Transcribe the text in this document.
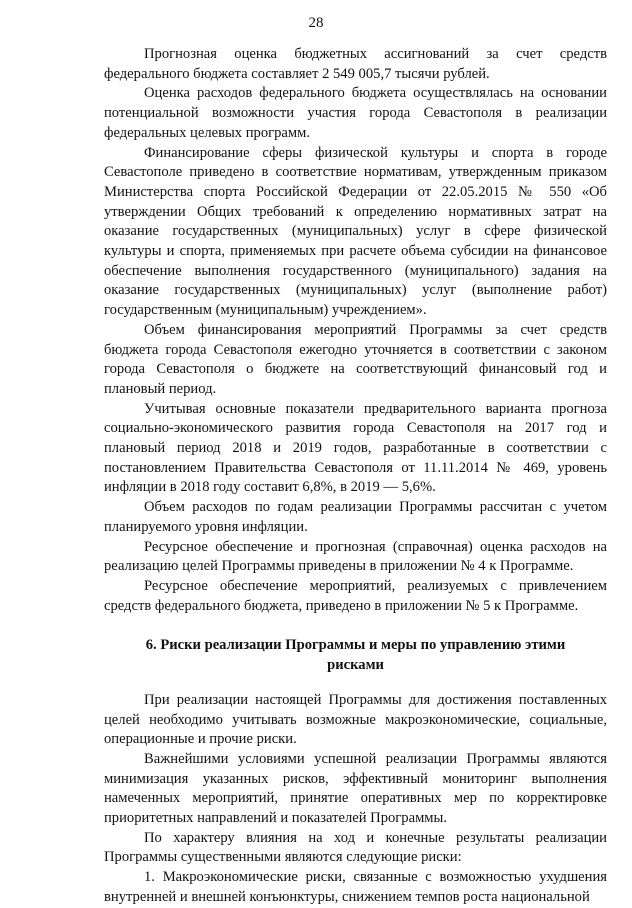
28

Прогнозная оценка бюджетных ассигнований за счет средств федерального бюджета составляет 2 549 005,7 тысячи рублей.

Оценка расходов федерального бюджета осуществлялась на основании потенциальной возможности участия города Севастополя в реализации федеральных целевых программ.

Финансирование сферы физической культуры и спорта в городе Севастополе приведено в соответствие нормативам, утвержденным приказом Министерства спорта Российской Федерации от 22.05.2015 № 550 «Об утверждении Общих требований к определению нормативных затрат на оказание государственных (муниципальных) услуг в сфере физической культуры и спорта, применяемых при расчете объема субсидии на финансовое обеспечение выполнения государственного (муниципального) задания на оказание государственных (муниципальных) услуг (выполнение работ) государственным (муниципальным) учреждением».

Объем финансирования мероприятий Программы за счет средств бюджета города Севастополя ежегодно уточняется в соответствии с законом города Севастополя о бюджете на соответствующий финансовый год и плановый период.

Учитывая основные показатели предварительного варианта прогноза социально-экономического развития города Севастополя на 2017 год и плановый период 2018 и 2019 годов, разработанные в соответствии с постановлением Правительства Севастополя от 11.11.2014 № 469, уровень инфляции в 2018 году составит 6,8%, в 2019 — 5,6%.

Объем расходов по годам реализации Программы рассчитан с учетом планируемого уровня инфляции.

Ресурсное обеспечение и прогнозная (справочная) оценка расходов на реализацию целей Программы приведены в приложении № 4 к Программе.

Ресурсное обеспечение мероприятий, реализуемых с привлечением средств федерального бюджета, приведено в приложении № 5 к Программе.

6. Риски реализации Программы и меры по управлению этими рисками

При реализации настоящей Программы для достижения поставленных целей необходимо учитывать возможные макроэкономические, социальные, операционные и прочие риски.

Важнейшими условиями успешной реализации Программы являются минимизация указанных рисков, эффективный мониторинг выполнения намеченных мероприятий, принятие оперативных мер по корректировке приоритетных направлений и показателей Программы.

По характеру влияния на ход и конечные результаты реализации Программы существенными являются следующие риски:

1. Макроэкономические риски, связанные с возможностью ухудшения внутренней и внешней конъюнктуры, снижением темпов роста национальной
